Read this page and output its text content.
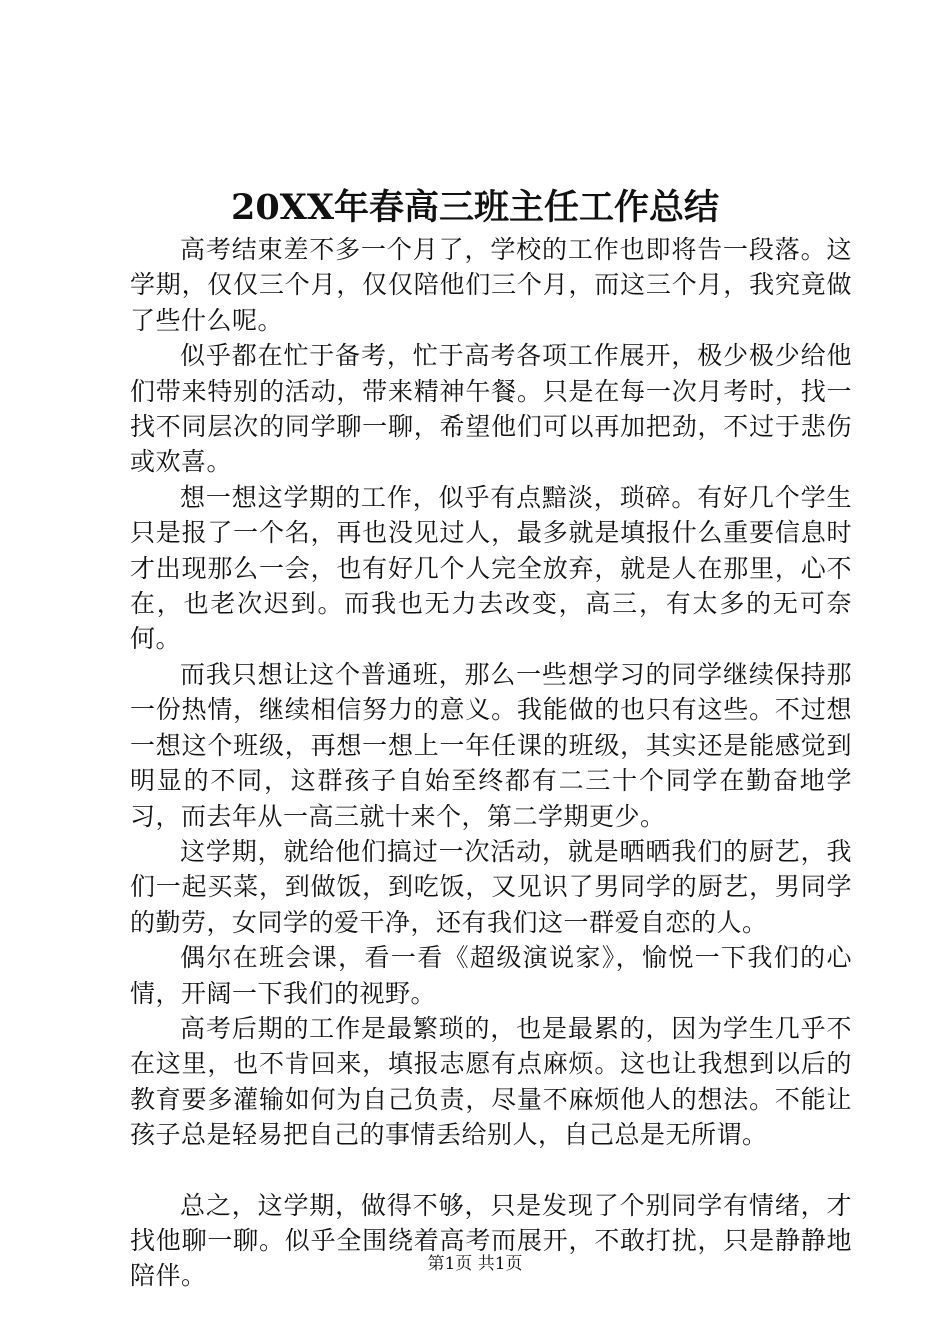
20XX年春高三班主任工作总结

高考结束差不多一个月了，学校的工作也即将告一段落。这学期，仅仅三个月，仅仅陪他们三个月，而这三个月，我究竟做了些什么呢。

似乎都在忙于备考，忙于高考各项工作展开，极少极少给他们带来特别的活动，带来精神午餐。只是在每一次月考时，找一找不同层次的同学聊一聊，希望他们可以再加把劲，不过于悲伤或欢喜。

想一想这学期的工作，似乎有点黯淡，琐碎。有好几个学生只是报了一个名，再也没见过人，最多就是填报什么重要信息时才出现那么一会，也有好几个人完全放弃，就是人在那里，心不在，也老次迟到。而我也无力去改变，高三，有太多的无可奈何。

而我只想让这个普通班，那么一些想学习的同学继续保持那一份热情，继续相信努力的意义。我能做的也只有这些。不过想一想这个班级，再想一想上一年任课的班级，其实还是能感觉到明显的不同，这群孩子自始至终都有二三十个同学在勤奋地学习，而去年从一高三就十来个，第二学期更少。

这学期，就给他们搞过一次活动，就是晒晒我们的厨艺，我们一起买菜，到做饭，到吃饭，又见识了男同学的厨艺，男同学的勤劳，女同学的爱干净，还有我们这一群爱自恋的人。

偶尔在班会课，看一看《超级演说家》，愉悦一下我们的心情，开阔一下我们的视野。

高考后期的工作是最繁琐的，也是最累的，因为学生几乎不在这里，也不肯回来，填报志愿有点麻烦。这也让我想到以后的教育要多灌输如何为自己负责，尽量不麻烦他人的想法。不能让孩子总是轻易把自己的事情丢给别人，自己总是无所谓。

总之，这学期，做得不够，只是发现了个别同学有情绪，才找他聊一聊。似乎全围绕着高考而展开，不敢打扰，只是静静地陪伴。	第1页 共1页
